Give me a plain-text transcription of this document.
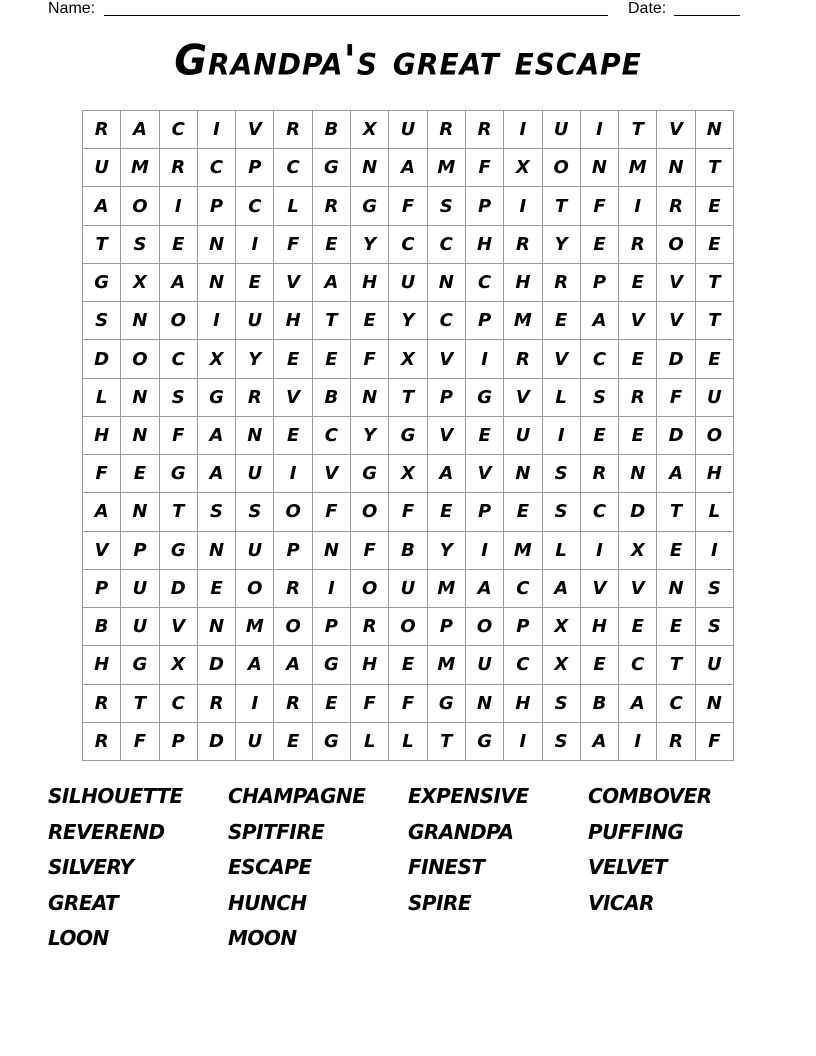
Name:	Date:
Grandpa's great escape
R	A	C	I	V	R	B	X	U	R	R	I	U	I	T	V	N
U	M	R	C	P	C	G	N	A	M	F	X	O	N	M	N	T
A	O	I	P	C	L	R	G	F	S	P	I	T	F	I	R	E
T	S	E	N	I	F	E	Y	C	C	H	R	Y	E	R	O	E
G	X	A	N	E	V	A	H	U	N	C	H	R	P	E	V	T
S	N	O	I	U	H	T	E	Y	C	P	M	E	A	V	V	T
D	O	C	X	Y	E	E	F	X	V	I	R	V	C	E	D	E
L	N	S	G	R	V	B	N	T	P	G	V	L	S	R	F	U
H	N	F	A	N	E	C	Y	G	V	E	U	I	E	E	D	O
F	E	G	A	U	I	V	G	X	A	V	N	S	R	N	A	H
A	N	T	S	S	O	F	O	F	E	P	E	S	C	D	T	L
V	P	G	N	U	P	N	F	B	Y	I	M	L	I	X	E	I
P	U	D	E	O	R	I	O	U	M	A	C	A	V	V	N	S
B	U	V	N	M	O	P	R	O	P	O	P	X	H	E	E	S
H	G	X	D	A	A	G	H	E	M	U	C	X	E	C	T	U
R	T	C	R	I	R	E	F	F	G	N	H	S	B	A	C	N
R	F	P	D	U	E	G	L	L	T	G	I	S	A	I	R	F
SILHOUETTE	CHAMPAGNE	EXPENSIVE	COMBOVER
REVEREND	SPITFIRE	GRANDPA	PUFFING
SILVERY	ESCAPE	FINEST	VELVET
GREAT	HUNCH	SPIRE	VICAR
LOON	MOON
